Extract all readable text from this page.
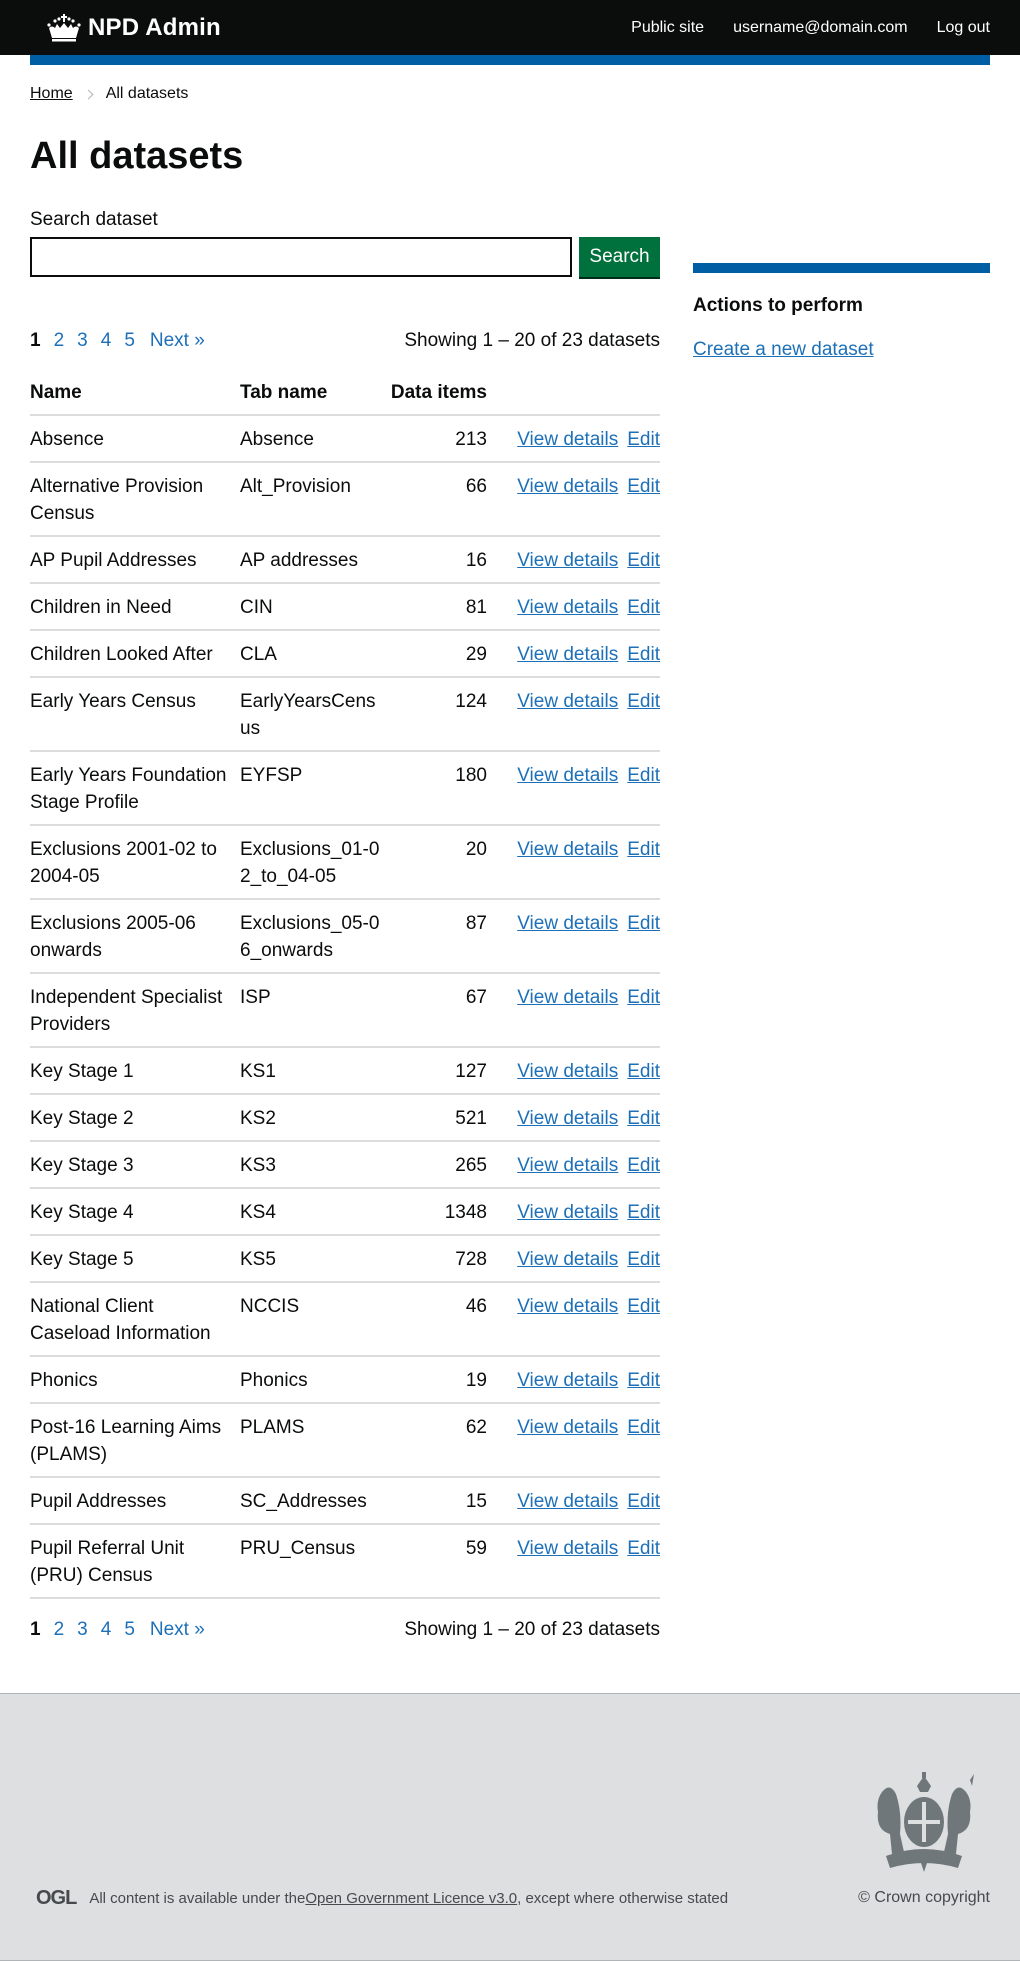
NPD Admin	Public site username@domain.com Log out
Home All datasets
All datasets
Search dataset
Search
1 2 3 4 5 Next »	Showing 1 – 20 of 23 datasets
Name	Tab name	Data items	
Absence	Absence	213	View details Edit
Alternative Provision Census	Alt_Provision	66	View details Edit
AP Pupil Addresses	AP addresses	16	View details Edit
Children in Need	CIN	81	View details Edit
Children Looked After	CLA	29	View details Edit
Early Years Census	EarlyYearsCensus	124	View details Edit
Early Years Foundation Stage Profile	EYFSP	180	View details Edit
Exclusions 2001-02 to 2004-05	Exclusions_01-02_to_04-05	20	View details Edit
Exclusions 2005-06 onwards	Exclusions_05-06_onwards	87	View details Edit
Independent Specialist Providers	ISP	67	View details Edit
Key Stage 1	KS1	127	View details Edit
Key Stage 2	KS2	521	View details Edit
Key Stage 3	KS3	265	View details Edit
Key Stage 4	KS4	1348	View details Edit
Key Stage 5	KS5	728	View details Edit
National Client Caseload Information	NCCIS	46	View details Edit
Phonics	Phonics	19	View details Edit
Post-16 Learning Aims (PLAMS)	PLAMS	62	View details Edit
Pupil Addresses	SC_Addresses	15	View details Edit
Pupil Referral Unit (PRU) Census	PRU_Census	59	View details Edit
1 2 3 4 5 Next »	Showing 1 – 20 of 23 datasets
Actions to perform
Create a new dataset
OGL All content is available under the Open Government Licence v3.0 , except where otherwise stated	© Crown copyright
